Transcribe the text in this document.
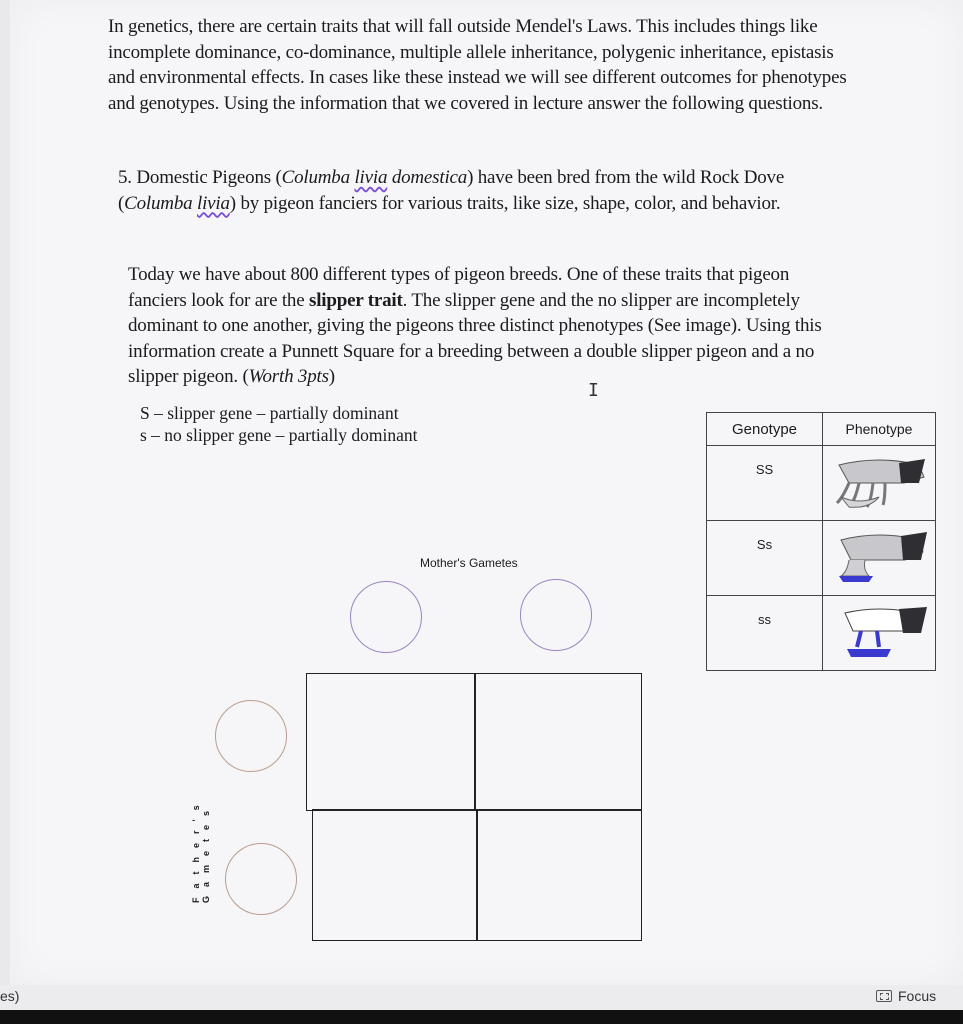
In genetics, there are certain traits that will fall outside Mendel's Laws. This includes things like incomplete dominance, co-dominance, multiple allele inheritance, polygenic inheritance, epistasis and environmental effects. In cases like these instead we will see different outcomes for phenotypes and genotypes. Using the information that we covered in lecture answer the following questions.

5. Domestic Pigeons (Columba livia domestica) have been bred from the wild Rock Dove (Columba livia) by pigeon fanciers for various traits, like size, shape, color, and behavior.

Today we have about 800 different types of pigeon breeds. One of these traits that pigeon fanciers look for are the slipper trait. The slipper gene and the no slipper are incompletely dominant to one another, giving the pigeons three distinct phenotypes (See image). Using this information create a Punnett Square for a breeding between a double slipper pigeon and a no slipper pigeon. (Worth 3pts)

I
S – slipper gene – partially dominant
s – no slipper gene – partially dominant	Genotype	Phenotype
SS	
Ss	
ss	
Mother's Gametes
Father's Gametes
es)	Focus
